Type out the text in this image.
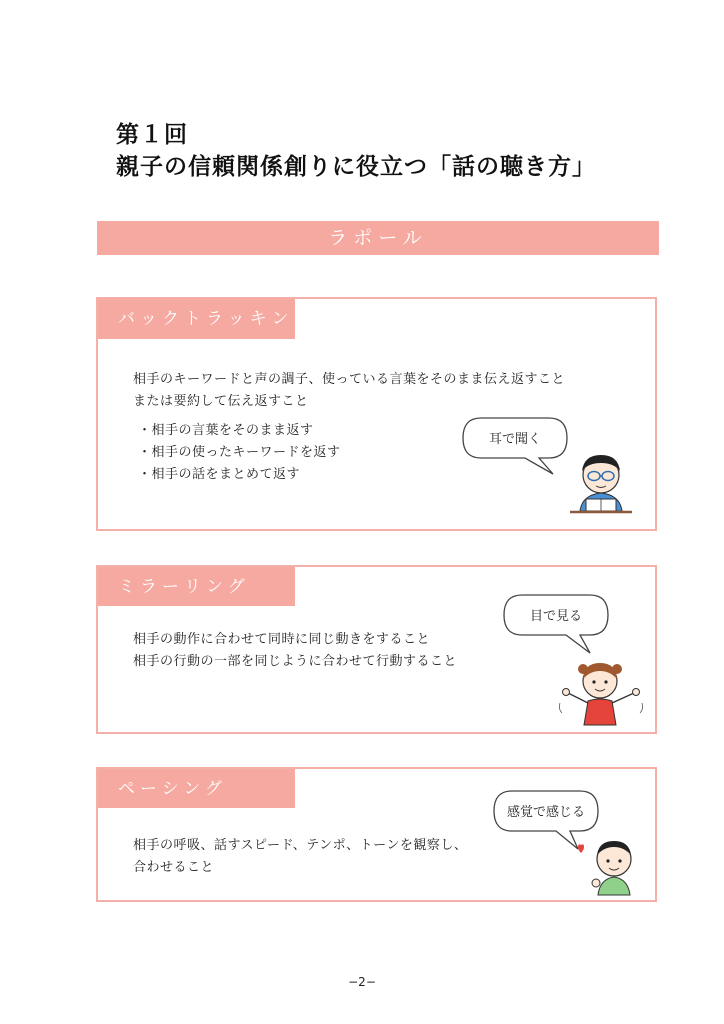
第１回
親子の信頼関係創りに役立つ「話の聴き方」
ラポール
バックトラッキング
相手のキーワードと声の調子、使っている言葉をそのまま伝え返すこと
または要約して伝え返すこと
・相手の言葉をそのまま返す
・相手の使ったキーワードを返す
・相手の話をまとめて返す
耳で聞く
ミラーリング
相手の動作に合わせて同時に同じ動きをすること
相手の行動の一部を同じように合わせて行動すること
目で見る
ペーシング
相手の呼吸、話すスピード、テンポ、トーンを観察し、
合わせること
感覚で感じる
−2−
